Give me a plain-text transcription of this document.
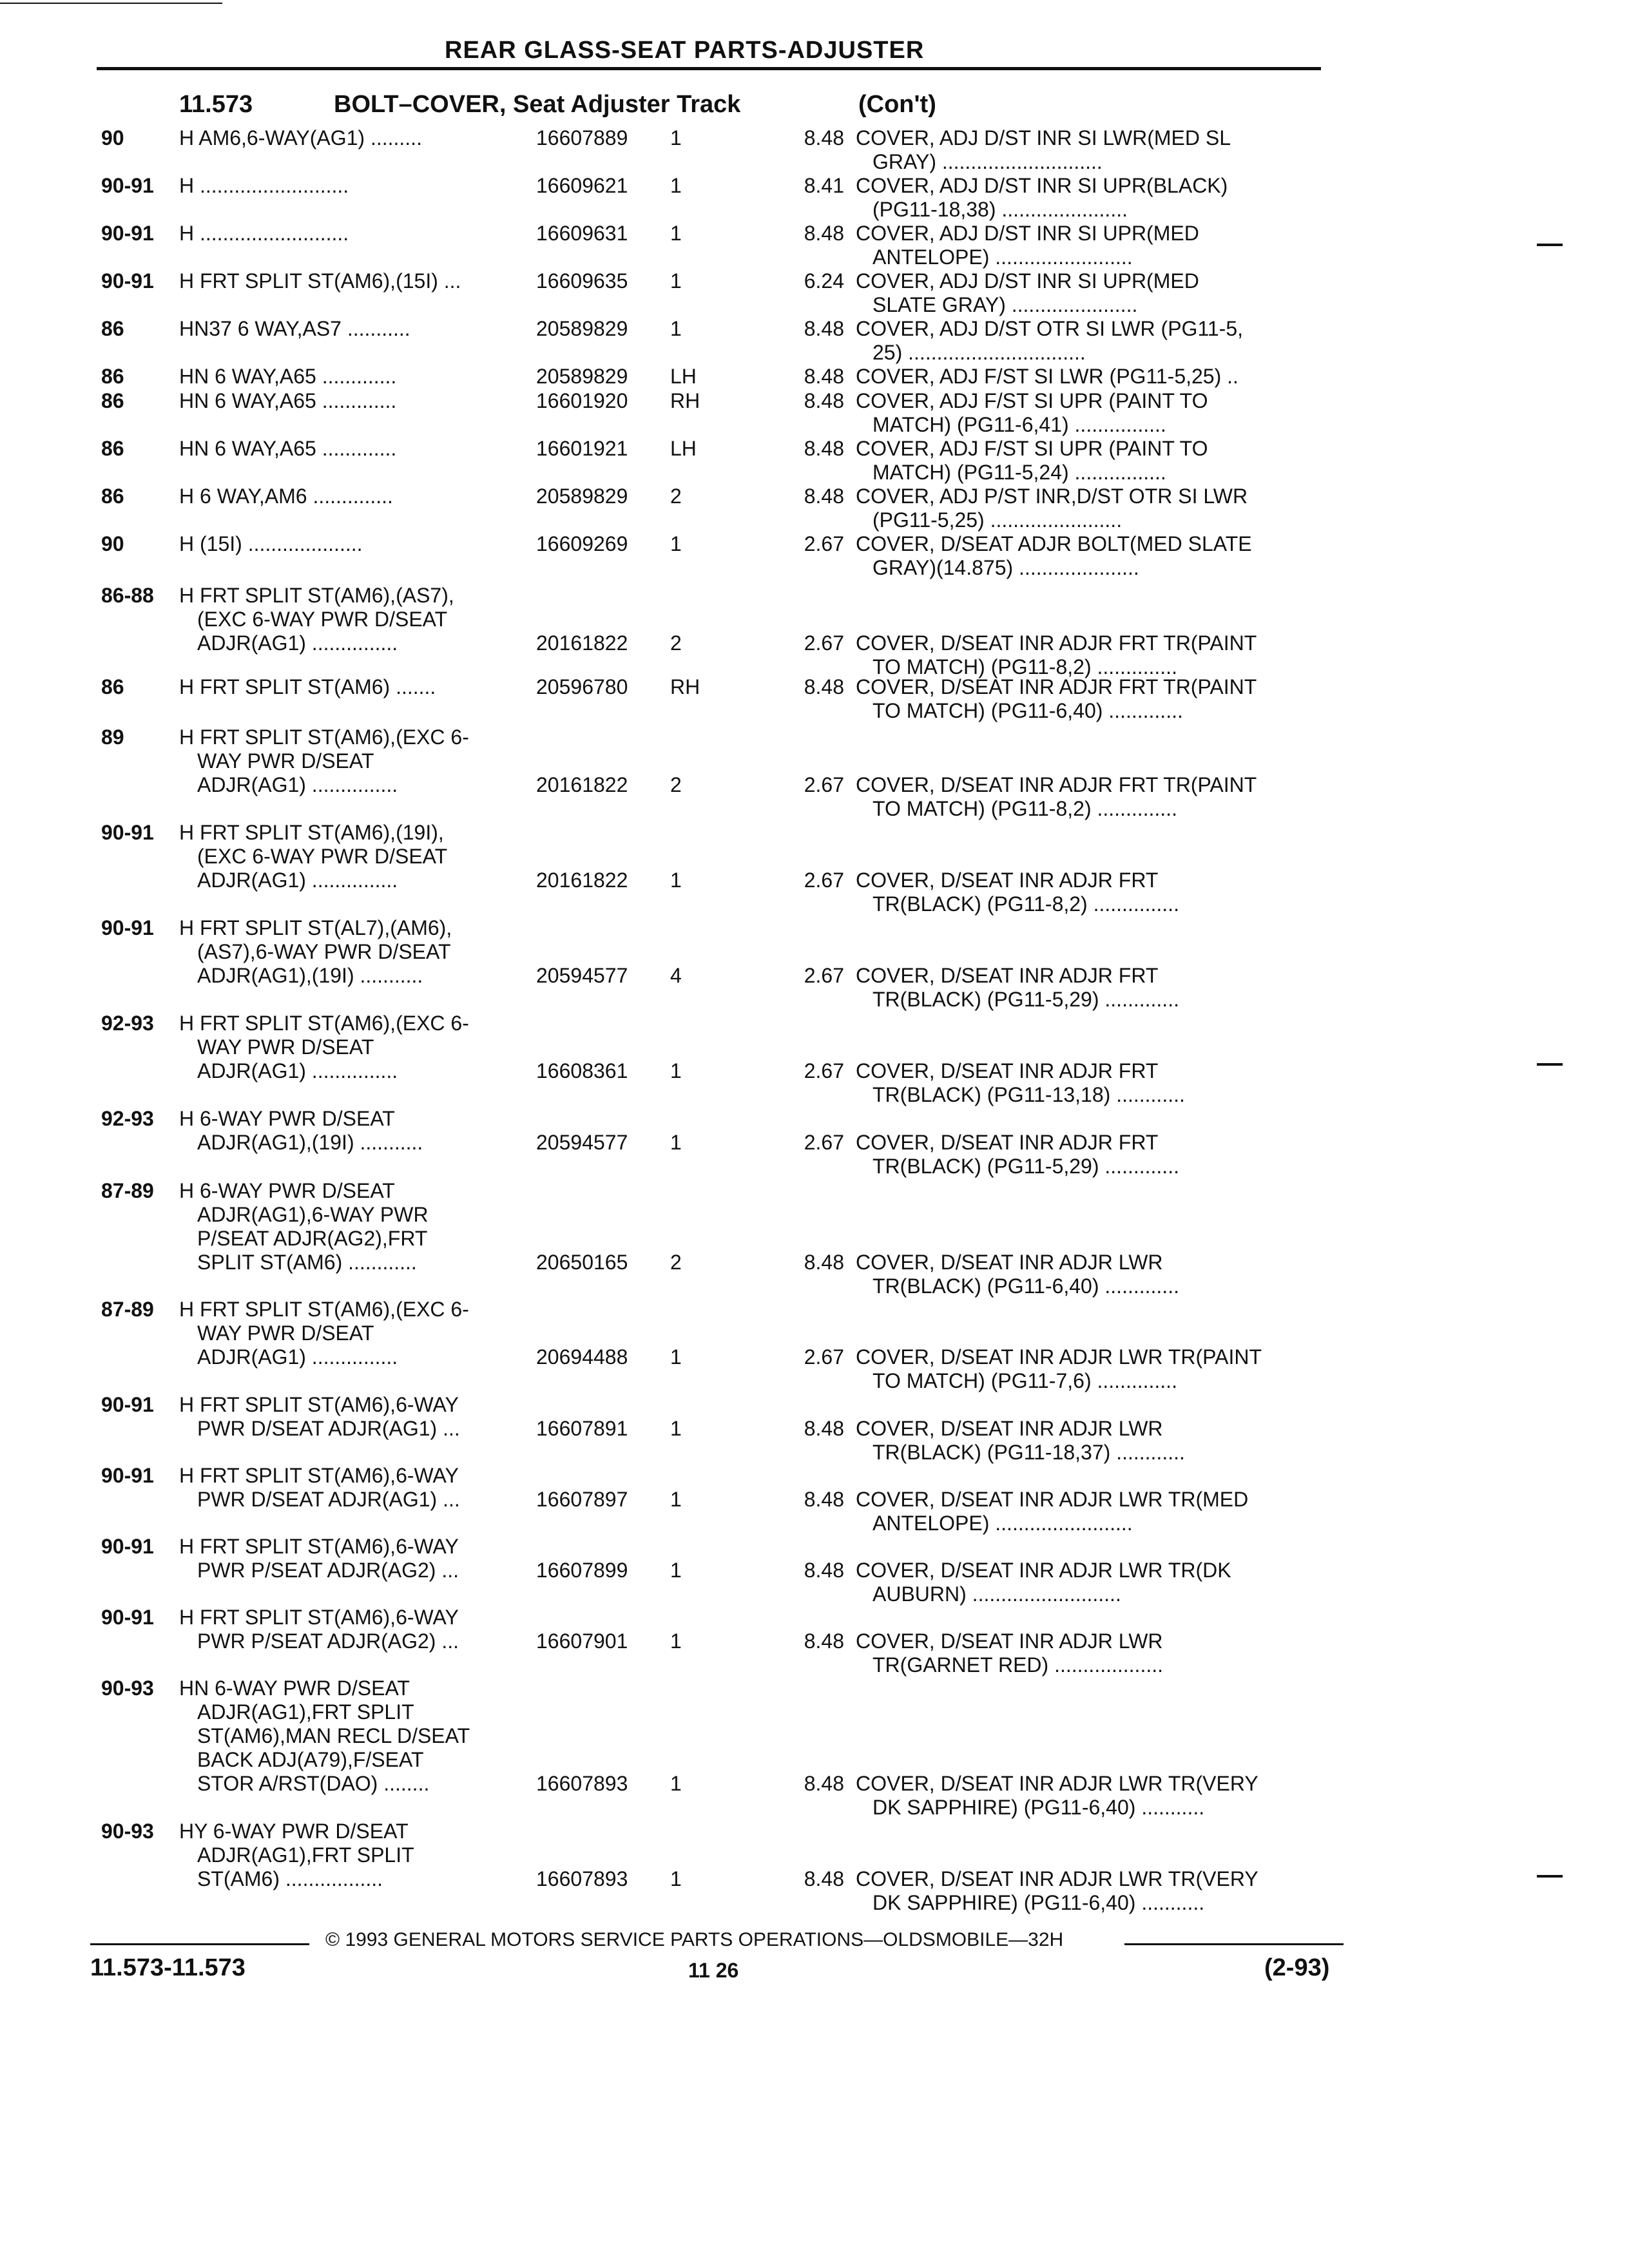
REAR GLASS-SEAT PARTS-ADJUSTER
11.573	BOLT–COVER, Seat Adjuster Track	(Con't)
90	H AM6,6-WAY(AG1) .........	16607889	1	8.48 COVER, ADJ D/ST INR SI LWR(MED SL
GRAY) ............................
90-91	H ..........................	16609621	1	8.41 COVER, ADJ D/ST INR SI UPR(BLACK)
(PG11-18,38) ......................
90-91	H ..........................	16609631	1	8.48 COVER, ADJ D/ST INR SI UPR(MED
ANTELOPE) ........................
90-91	H FRT SPLIT ST(AM6),(15I) ...	16609635	1	6.24 COVER, ADJ D/ST INR SI UPR(MED
SLATE GRAY) ......................
86	HN37 6 WAY,AS7 ...........	20589829	1	8.48 COVER, ADJ D/ST OTR SI LWR (PG11-5,
25) ...............................
86	HN 6 WAY,A65 .............	20589829	LH	8.48 COVER, ADJ F/ST SI LWR (PG11-5,25) ..
86	HN 6 WAY,A65 .............	16601920	RH	8.48 COVER, ADJ F/ST SI UPR (PAINT TO
MATCH) (PG11-6,41) ................
86	HN 6 WAY,A65 .............	16601921	LH	8.48 COVER, ADJ F/ST SI UPR (PAINT TO
MATCH) (PG11-5,24) ................
86	H 6 WAY,AM6 ..............	20589829	2	8.48 COVER, ADJ P/ST INR,D/ST OTR SI LWR
(PG11-5,25) .......................
90	H (15I) ....................	16609269	1	2.67 COVER, D/SEAT ADJR BOLT(MED SLATE
GRAY)(14.875) .....................
86-88	H FRT SPLIT ST(AM6),(AS7),
(EXC 6-WAY PWR D/SEAT
ADJR(AG1) ...............	20161822	2	2.67 COVER, D/SEAT INR ADJR FRT TR(PAINT
TO MATCH) (PG11-8,2) ..............
86	H FRT SPLIT ST(AM6) .......	20596780	RH	8.48 COVER, D/SEAT INR ADJR FRT TR(PAINT
TO MATCH) (PG11-6,40) .............
89	H FRT SPLIT ST(AM6),(EXC 6-
WAY PWR D/SEAT
ADJR(AG1) ...............	20161822	2	2.67 COVER, D/SEAT INR ADJR FRT TR(PAINT
TO MATCH) (PG11-8,2) ..............
90-91	H FRT SPLIT ST(AM6),(19I),
(EXC 6-WAY PWR D/SEAT
ADJR(AG1) ...............	20161822	1	2.67 COVER, D/SEAT INR ADJR FRT
TR(BLACK) (PG11-8,2) ...............
90-91	H FRT SPLIT ST(AL7),(AM6),
(AS7),6-WAY PWR D/SEAT
ADJR(AG1),(19I) ...........	20594577	4	2.67 COVER, D/SEAT INR ADJR FRT
TR(BLACK) (PG11-5,29) .............
92-93	H FRT SPLIT ST(AM6),(EXC 6-
WAY PWR D/SEAT
ADJR(AG1) ...............	16608361	1	2.67 COVER, D/SEAT INR ADJR FRT
TR(BLACK) (PG11-13,18) ............
92-93	H 6-WAY PWR D/SEAT
ADJR(AG1),(19I) ...........	20594577	1	2.67 COVER, D/SEAT INR ADJR FRT
TR(BLACK) (PG11-5,29) .............
87-89	H 6-WAY PWR D/SEAT
ADJR(AG1),6-WAY PWR
P/SEAT ADJR(AG2),FRT
SPLIT ST(AM6) ............	20650165	2	8.48 COVER, D/SEAT INR ADJR LWR
TR(BLACK) (PG11-6,40) .............
87-89	H FRT SPLIT ST(AM6),(EXC 6-
WAY PWR D/SEAT
ADJR(AG1) ...............	20694488	1	2.67 COVER, D/SEAT INR ADJR LWR TR(PAINT
TO MATCH) (PG11-7,6) ..............
90-91	H FRT SPLIT ST(AM6),6-WAY
PWR D/SEAT ADJR(AG1) ...	16607891	1	8.48 COVER, D/SEAT INR ADJR LWR
TR(BLACK) (PG11-18,37) ............
90-91	H FRT SPLIT ST(AM6),6-WAY
PWR D/SEAT ADJR(AG1) ...	16607897	1	8.48 COVER, D/SEAT INR ADJR LWR TR(MED
ANTELOPE) ........................
90-91	H FRT SPLIT ST(AM6),6-WAY
PWR P/SEAT ADJR(AG2) ...	16607899	1	8.48 COVER, D/SEAT INR ADJR LWR TR(DK
AUBURN) ..........................
90-91	H FRT SPLIT ST(AM6),6-WAY
PWR P/SEAT ADJR(AG2) ...	16607901	1	8.48 COVER, D/SEAT INR ADJR LWR
TR(GARNET RED) ...................
90-93	HN 6-WAY PWR D/SEAT
ADJR(AG1),FRT SPLIT
ST(AM6),MAN RECL D/SEAT
BACK ADJ(A79),F/SEAT
STOR A/RST(DAO) ........	16607893	1	8.48 COVER, D/SEAT INR ADJR LWR TR(VERY
DK SAPPHIRE) (PG11-6,40) ...........
90-93	HY 6-WAY PWR D/SEAT
ADJR(AG1),FRT SPLIT
ST(AM6) .................	16607893	1	8.48 COVER, D/SEAT INR ADJR LWR TR(VERY
DK SAPPHIRE) (PG11-6,40) ...........
© 1993 GENERAL MOTORS SERVICE PARTS OPERATIONS—OLDSMOBILE—32H
11.573-11.573	11 26	(2-93)
